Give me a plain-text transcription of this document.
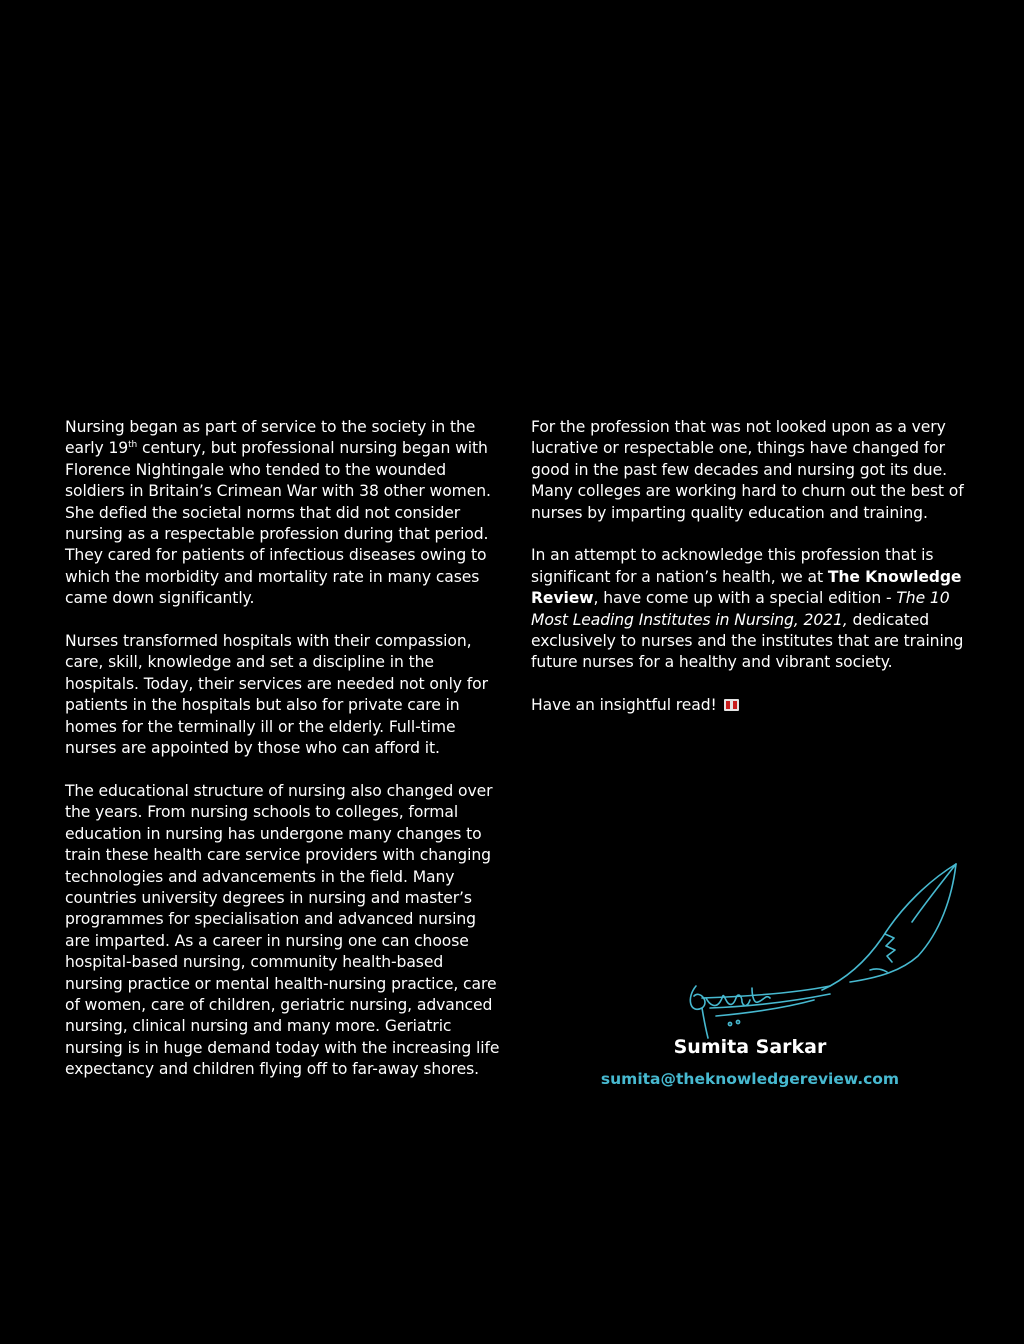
Nursing began as part of service to the society in the early 19th century, but professional nursing began with Florence Nightingale who tended to the wounded soldiers in Britain’s Crimean War with 38 other women. She defied the societal norms that did not consider nursing as a respectable profession during that period. They cared for patients of infectious diseases owing to which the morbidity and mortality rate in many cases came down significantly.

Nurses transformed hospitals with their compassion, care, skill, knowledge and set a discipline in the hospitals. Today, their services are needed not only for patients in the hospitals but also for private care in homes for the terminally ill or the elderly. Full-time nurses are appointed by those who can afford it.

The educational structure of nursing also changed over the years. From nursing schools to colleges, formal education in nursing has undergone many changes to train these health care service providers with changing technologies and advancements in the field. Many countries university degrees in nursing and master’s programmes for specialisation and advanced nursing are imparted. As a career in nursing one can choose hospital-based nursing, community health-based nursing practice or mental health-nursing practice, care of women, care of children, geriatric nursing, advanced nursing, clinical nursing and many more. Geriatric nursing is in huge demand today with the increasing life expectancy and children flying off to far-away shores.

For the profession that was not looked upon as a very lucrative or respectable one, things have changed for good in the past few decades and nursing got its due. Many colleges are working hard to churn out the best of nurses by imparting quality education and training.

In an attempt to acknowledge this profession that is significant for a nation’s health, we at The Knowledge Review, have come up with a special edition - The 10 Most Leading Institutes in Nursing, 2021, dedicated exclusively to nurses and the institutes that are training future nurses for a healthy and vibrant society.

Have an insightful read!

Sumita Sarkar
sumita@theknowledgereview.com
